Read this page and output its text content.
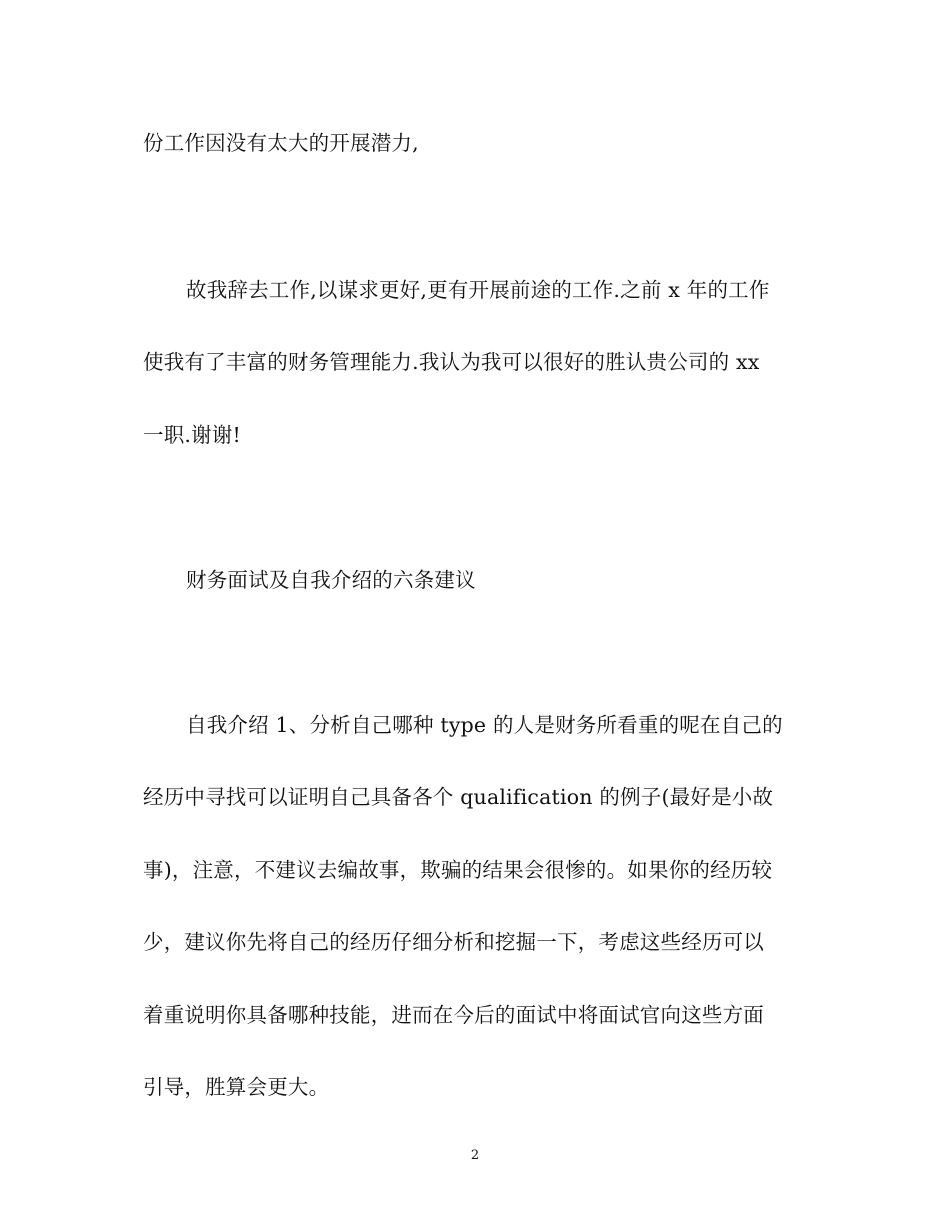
份工作因没有太大的开展潜力,
故我辞去工作,以谋求更好,更有开展前途的工作.之前 x 年的工作
使我有了丰富的财务管理能力.我认为我可以很好的胜认贵公司的 xx
一职.谢谢!
财务面试及自我介绍的六条建议
自我介绍 1、分析自己哪种 type 的人是财务所看重的呢在自己的
经历中寻找可以证明自己具备各个 qualification 的例子(最好是小故
事)，注意，不建议去编故事，欺骗的结果会很惨的。如果你的经历较
少，建议你先将自己的经历仔细分析和挖掘一下，考虑这些经历可以
着重说明你具备哪种技能，进而在今后的面试中将面试官向这些方面
引导，胜算会更大。
2
